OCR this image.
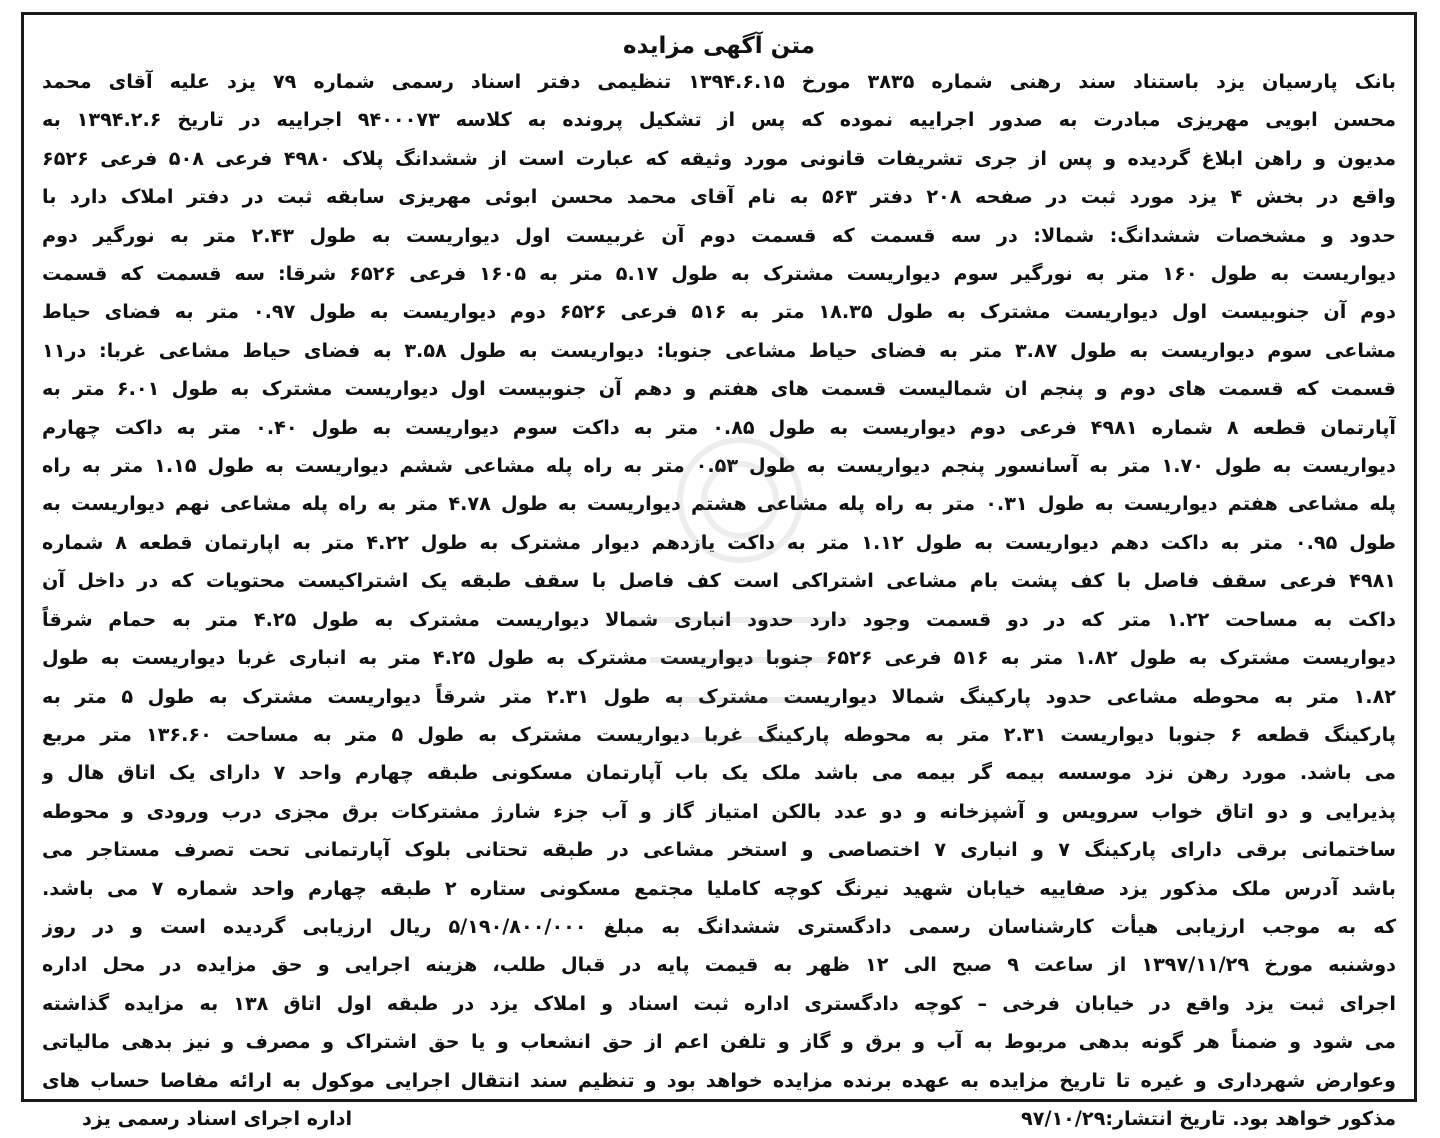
متن آگهی مزایده
بانک پارسیان یزد باستناد سند رهنی شماره ۳۸۳۵ مورخ ۱۳۹۴.۶.۱۵ تنظیمی دفتر اسناد رسمی شماره ۷۹ یزد علیه آقای محمد
محسن ابویی مهریزی مبادرت به صدور اجراییه نموده که پس از تشکیل پرونده به کلاسه ۹۴۰۰۰۷۳ اجراییه در تاریخ ۱۳۹۴.۲.۶ به
مدیون و راهن ابلاغ گردیده و پس از جری تشریفات قانونی مورد وثیقه که عبارت است از ششدانگ پلاک ۴۹۸۰ فرعی ۵۰۸ فرعی ۶۵۲۶
واقع در بخش ۴ یزد مورد ثبت در صفحه ۲۰۸ دفتر ۵۶۳ به نام آقای محمد محسن ابوئی مهریزی سابقه ثبت در دفتر املاک دارد با
حدود و مشخصات ششدانگ: شمالا: در سه قسمت که قسمت دوم آن غربیست اول دیواریست به طول ۲.۴۳ متر به نورگیر دوم
دیواریست به طول ۱۶۰ متر به نورگیر سوم دیواریست مشترک به طول ۵.۱۷ متر به ۱۶۰۵ فرعی ۶۵۲۶ شرقا: سه قسمت که قسمت
دوم آن جنوبیست اول دیواریست مشترک به طول ۱۸.۳۵ متر به ۵۱۶ فرعی ۶۵۲۶ دوم دیواریست به طول ۰.۹۷ متر به فضای حیاط
مشاعی سوم دیواریست به طول ۳.۸۷ متر به فضای حیاط مشاعی جنوبا: دیواریست به طول ۳.۵۸ به فضای حیاط مشاعی غربا: در۱۱
قسمت که قسمت های دوم و پنجم ان شمالیست قسمت های هفتم و دهم آن جنوبیست اول دیواریست مشترک به طول ۶.۰۱ متر به
آپارتمان قطعه ۸ شماره ۴۹۸۱ فرعی دوم دیواریست به طول ۰.۸۵ متر به داکت سوم دیواریست به طول ۰.۴۰ متر به داکت چهارم
دیواریست به طول ۱.۷۰ متر به آسانسور پنجم دیواریست به طول ۰.۵۳ متر به راه پله مشاعی ششم دیواریست به طول ۱.۱۵ متر به راه
پله مشاعی هفتم دیواریست به طول ۰.۳۱ متر به راه پله مشاعی هشتم دیواریست به طول ۴.۷۸ متر به راه پله مشاعی نهم دیواریست به
طول ۰.۹۵ متر به داکت دهم دیواریست به طول ۱.۱۲ متر به داکت یازدهم دیوار مشترک به طول ۴.۲۲ متر به اپارتمان قطعه ۸ شماره
۴۹۸۱ فرعی سقف فاصل با کف پشت بام مشاعی اشتراکی است کف فاصل با سقف طبقه یک اشتراکیست محتویات که در داخل آن
داکت به مساحت ۱.۲۲ متر که در دو قسمت وجود دارد حدود انباری شمالا دیواریست مشترک به طول ۴.۲۵ متر به حمام شرقاً
دیواریست مشترک به طول ۱.۸۲ متر به ۵۱۶ فرعی ۶۵۲۶ جنوبا دیواریست مشترک به طول ۴.۲۵ متر به انباری غربا دیواریست به طول
۱.۸۲ متر به محوطه مشاعی حدود پارکینگ شمالا دیواریست مشترک به طول ۲.۳۱ متر شرقاً دیواریست مشترک به طول ۵ متر به
پارکینگ قطعه ۶ جنوبا دیواریست ۲.۳۱ متر به محوطه پارکینگ غربا دیواریست مشترک به طول ۵ متر به مساحت ۱۳۶.۶۰ متر مربع
می باشد. مورد رهن نزد موسسه بیمه گر بیمه می باشد ملک یک باب آپارتمان مسکونی طبقه چهارم واحد ۷ دارای یک اتاق هال و
پذیرایی و دو اتاق خواب سرویس و آشپزخانه و دو عدد بالکن امتیاز گاز و آب جزء شارژ مشترکات برق مجزی درب ورودی و محوطه
ساختمانی برقی دارای پارکینگ ۷ و انباری ۷ اختصاصی و استخر مشاعی در طبقه تحتانی بلوک آپارتمانی تحت تصرف مستاجر می
باشد آدرس ملک مذکور یزد صفاییه خیابان شهید نیرنگ کوچه کاملیا مجتمع مسکونی ستاره ۲ طبقه چهارم واحد شماره ۷ می باشد.
که به موجب ارزیابی هیأت کارشناسان رسمی دادگستری ششدانگ به مبلغ ۵/۱۹۰/۸۰۰/۰۰۰ ریال ارزیابی گردیده است و در روز
دوشنبه مورخ ۱۳۹۷/۱۱/۲۹ از ساعت ۹ صبح الی ۱۲ ظهر به قیمت پایه در قبال طلب، هزینه اجرایی و حق مزایده در محل اداره
اجرای ثبت یزد واقع در خیابان فرخی – کوچه دادگستری اداره ثبت اسناد و املاک یزد در طبقه اول اتاق ۱۳۸ به مزایده گذاشته
می شود و ضمناً هر گونه بدهی مربوط به آب و برق و گاز و تلفن اعم از حق انشعاب و یا حق اشتراک و مصرف و نیز بدهی مالیاتی
وعوارض شهرداری و غیره تا تاریخ مزایده به عهده برنده مزایده خواهد بود و تنظیم سند انتقال اجرایی موکول به ارائه مفاصا حساب های
مذکور خواهد بود. تاریخ انتشار:۹۷/۱۰/۲۹
اداره اجرای اسناد رسمی یزد
